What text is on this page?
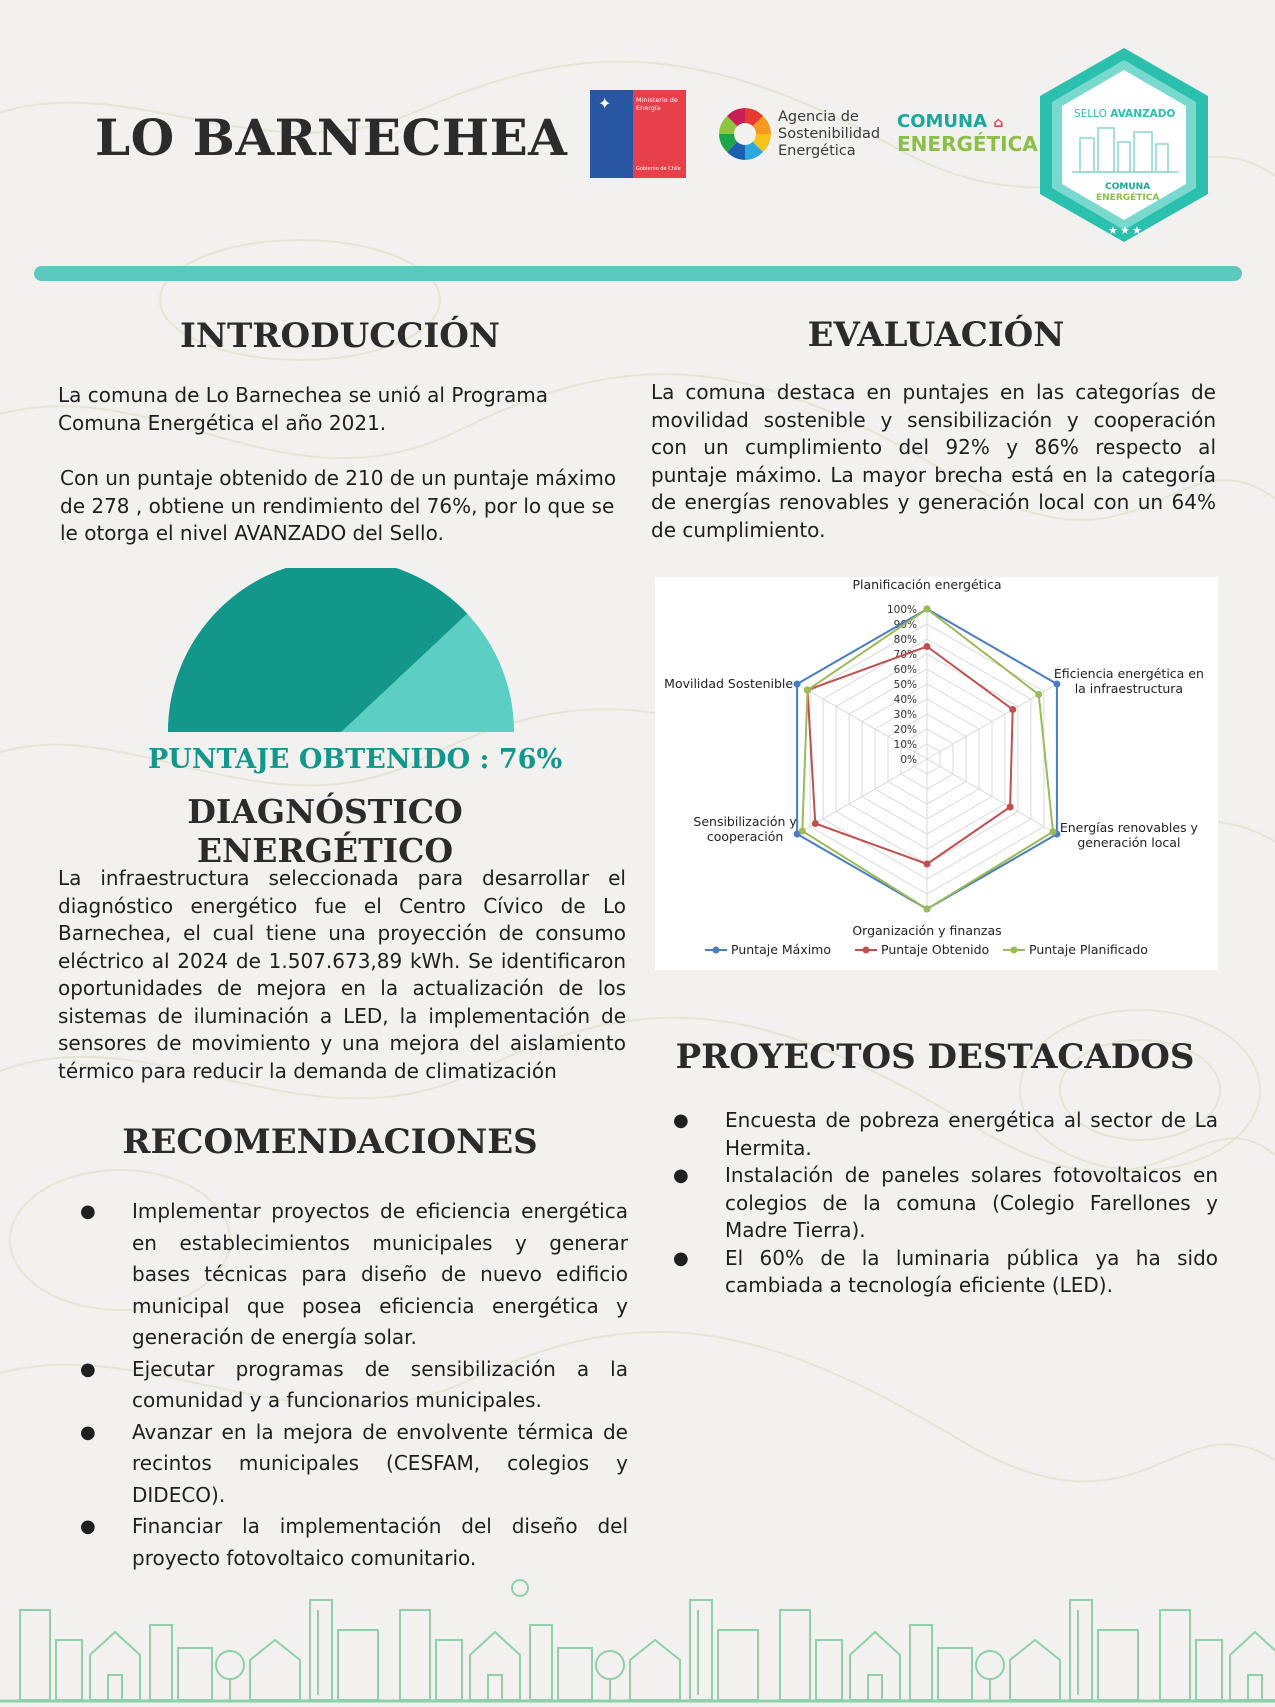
LO BARNECHEA
✦	Ministerio de
Energía
Gobierno de Chile
Agencia de
Sostenibilidad
Energética
COMUNA ⌂
ENERGÉTICA
★ ★ ★
SELLO AVANZADO
COMUNA
ENERGÉTICA
INTRODUCCIÓN
La comuna de Lo Barnechea se unió al Programa
Comuna Energética el año 2021.
Con un puntaje obtenido de 210 de un puntaje máximo
de 278 , obtiene un rendimiento del 76%, por lo que se
le otorga el nivel AVANZADO del Sello.
PUNTAJE OBTENIDO : 76%
DIAGNÓSTICO ENERGÉTICO
La infraestructura seleccionada para desarrollar el
diagnóstico energético fue el Centro Cívico de Lo
Barnechea, el cual tiene una proyección de consumo
eléctrico al 2024 de 1.507.673,89 kWh. Se identificaron
oportunidades de mejora en la actualización de los
sistemas de iluminación a LED, la implementación de
sensores de movimiento y una mejora del aislamiento
térmico para reducir la demanda de climatización
RECOMENDACIONES
● Implementar proyectos de eficiencia energética
en establecimientos municipales y generar
bases técnicas para diseño de nuevo edificio
municipal que posea eficiencia energética y
generación de energía solar.
● Ejecutar programas de sensibilización a la
comunidad y a funcionarios municipales.
● Avanzar en la mejora de envolvente térmica de
recintos municipales (CESFAM, colegios y
DIDECO).
● Financiar la implementación del diseño del
proyecto fotovoltaico comunitario.
EVALUACIÓN
La comuna destaca en puntajes en las categorías de
movilidad sostenible y sensibilización y cooperación
con un cumplimiento del 92% y 86% respecto al
puntaje máximo. La mayor brecha está en la categoría
de energías renovables y generación local con un 64%
de cumplimiento.
0%
10%
20%
30%
40%
50%
60%
70%
80%
90%
100%
Planificación energética
Eficiencia energética en
la infraestructura
Energías renovables y
generación local
Organización y finanzas
Sensibilización y
cooperación
Movilidad Sostenible
Puntaje Máximo	Puntaje Obtenido	Puntaje Planificado
PROYECTOS DESTACADOS
● Encuesta de pobreza energética al sector de La
Hermita.
● Instalación de paneles solares fotovoltaicos en
colegios de la comuna (Colegio Farellones y
Madre Tierra).
● El 60% de la luminaria pública ya ha sido
cambiada a tecnología eficiente (LED).
